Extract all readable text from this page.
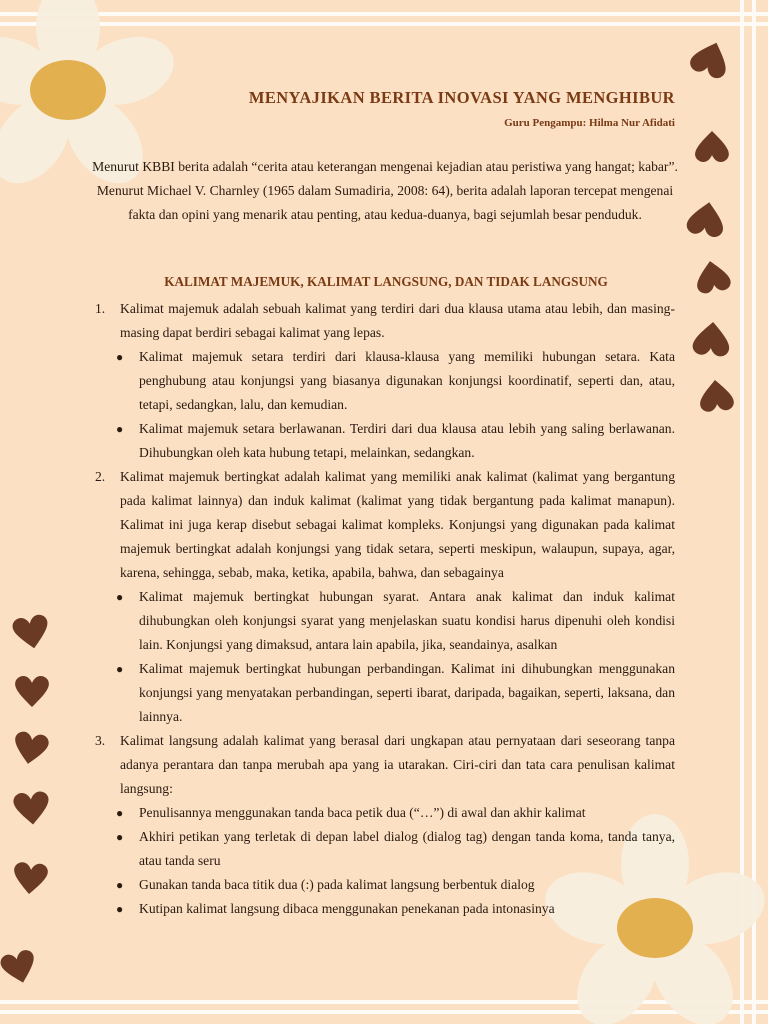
MENYAJIKAN BERITA INOVASI YANG MENGHIBUR
Guru Pengampu: Hilma Nur Afidati
Menurut KBBI berita adalah “cerita atau keterangan mengenai kejadian atau peristiwa yang hangat; kabar”. Menurut Michael V. Charnley (1965 dalam Sumadiria, 2008: 64), berita adalah laporan tercepat mengenai fakta dan opini yang menarik atau penting, atau kedua-duanya, bagi sejumlah besar penduduk.
KALIMAT MAJEMUK, KALIMAT LANGSUNG, DAN TIDAK LANGSUNG
1. Kalimat majemuk adalah sebuah kalimat yang terdiri dari dua klausa utama atau lebih, dan masing-masing dapat berdiri sebagai kalimat yang lepas.
● Kalimat majemuk setara terdiri dari klausa-klausa yang memiliki hubungan setara. Kata penghubung atau konjungsi yang biasanya digunakan konjungsi koordinatif, seperti dan, atau, tetapi, sedangkan, lalu, dan kemudian.
● Kalimat majemuk setara berlawanan. Terdiri dari dua klausa atau lebih yang saling berlawanan. Dihubungkan oleh kata hubung tetapi, melainkan, sedangkan.
2. Kalimat majemuk bertingkat adalah kalimat yang memiliki anak kalimat (kalimat yang bergantung pada kalimat lainnya) dan induk kalimat (kalimat yang tidak bergantung pada kalimat manapun). Kalimat ini juga kerap disebut sebagai kalimat kompleks. Konjungsi yang digunakan pada kalimat majemuk bertingkat adalah konjungsi yang tidak setara, seperti meskipun, walaupun, supaya, agar, karena, sehingga, sebab, maka, ketika, apabila, bahwa, dan sebagainya
● Kalimat majemuk bertingkat hubungan syarat. Antara anak kalimat dan induk kalimat dihubungkan oleh konjungsi syarat yang menjelaskan suatu kondisi harus dipenuhi oleh kondisi lain. Konjungsi yang dimaksud, antara lain apabila, jika, seandainya, asalkan
● Kalimat majemuk bertingkat hubungan perbandingan. Kalimat ini dihubungkan menggunakan konjungsi yang menyatakan perbandingan, seperti ibarat, daripada, bagaikan, seperti, laksana, dan lainnya.
3. Kalimat langsung adalah kalimat yang berasal dari ungkapan atau pernyataan dari seseorang tanpa adanya perantara dan tanpa merubah apa yang ia utarakan. Ciri-ciri dan tata cara penulisan kalimat langsung:
● Penulisannya menggunakan tanda baca petik dua (“…”) di awal dan akhir kalimat
● Akhiri petikan yang terletak di depan label dialog (dialog tag) dengan tanda koma, tanda tanya, atau tanda seru
● Gunakan tanda baca titik dua (:) pada kalimat langsung berbentuk dialog
● Kutipan kalimat langsung dibaca menggunakan penekanan pada intonasinya
